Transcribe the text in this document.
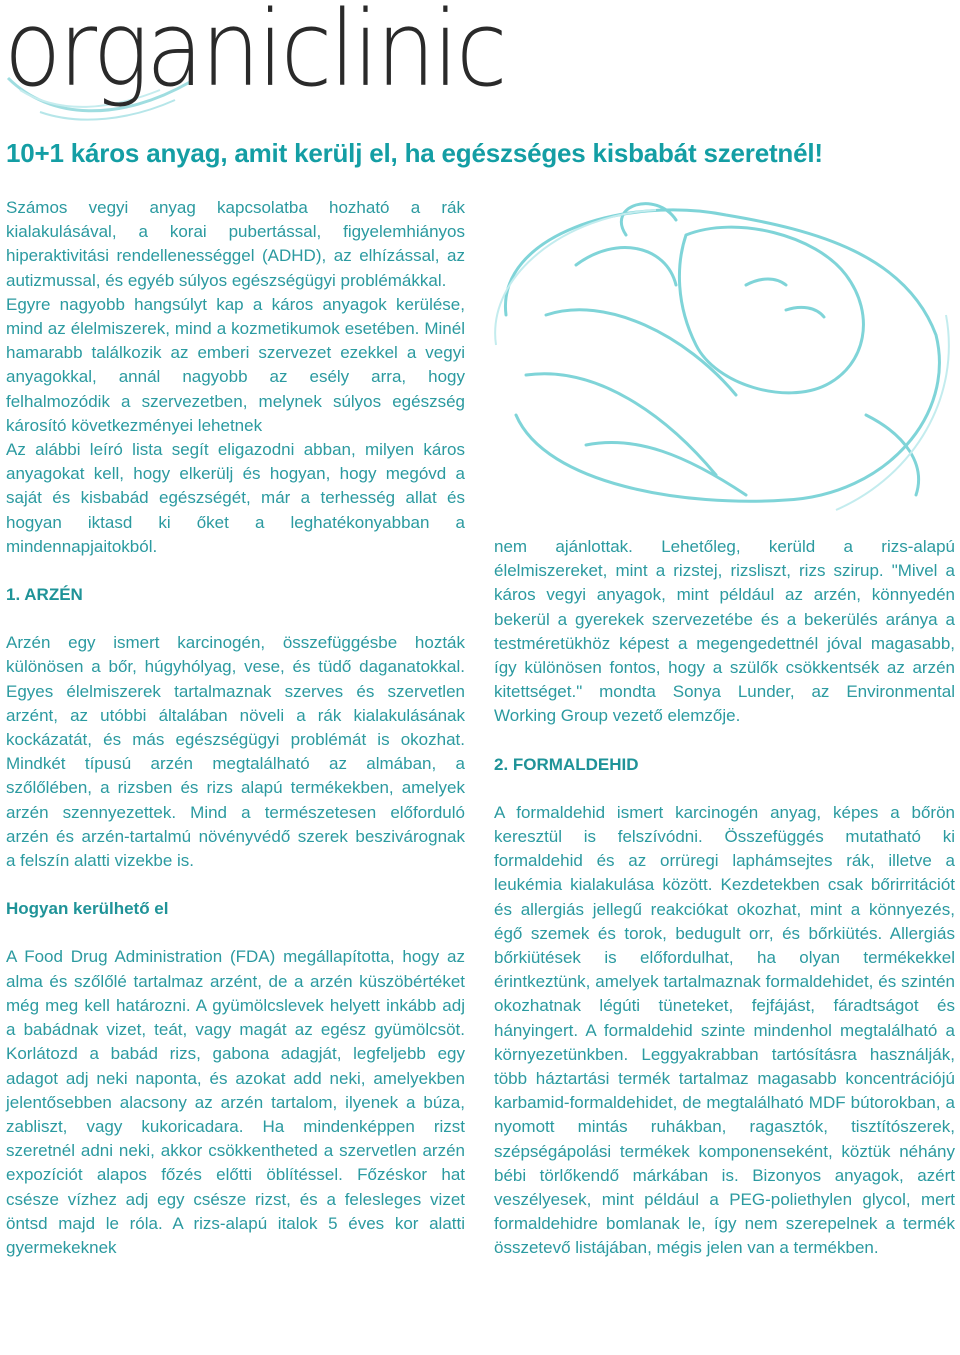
organiclinic
10+1 káros anyag, amit kerülj el, ha egészséges kisbabát szeretnél!

Számos vegyi anyag kapcsolatba hozható a rák kialakulásával, a korai pubertással, figyelemhiányos hiperaktivitási rendellenességgel (ADHD), az elhízással, az autizmussal, és egyéb súlyos egészségügyi problémákkal.

Egyre nagyobb hangsúlyt kap a káros anyagok kerülése, mind az élelmiszerek, mind a kozmetikumok esetében. Minél hamarabb találkozik az emberi szervezet ezekkel a vegyi anyagokkal, annál nagyobb az esély arra, hogy felhalmozódik a szervezetben, melynek súlyos egészség károsító következményei lehetnek

Az alábbi leíró lista segít eligazodni abban, milyen káros anyagokat kell, hogy elkerülj és hogyan, hogy megóvd a saját és kisbabád egészségét, már a terhesség allat és hogyan iktasd ki őket a leghatékonyabban a mindennapjaitokból.

1. ARZÉN

Arzén egy ismert karcinogén, összefüggésbe hozták különösen a bőr, húgyhólyag, vese, és tüdő daganatokkal. Egyes élelmiszerek tartalmaznak szerves és szervetlen arzént, az utóbbi általában növeli a rák kialakulásának kockázatát, és más egészségügyi problémát is okozhat. Mindkét típusú arzén megtalálható az almában, a szőlőlében, a rizsben és rizs alapú termékekben, amelyek arzén szennyezettek. Mind a természetesen előforduló arzén és arzén-tartalmú növényvédő szerek beszivárognak a felszín alatti vizekbe is.

Hogyan kerülhető el

A Food Drug Administration (FDA) megállapította, hogy az alma és szőlőlé tartalmaz arzént, de a arzén küszöbértéket még meg kell határozni. A gyümölcslevek helyett inkább adj a babádnak vizet, teát, vagy magát az egész gyümölcsöt. Korlátozd a babád rizs, gabona adagját, legfeljebb egy adagot adj neki naponta, és azokat add neki, amelyekben jelentősebben alacsony az arzén tartalom, ilyenek a búza, zabliszt, vagy kukoricadara. Ha mindenképpen rizst szeretnél adni neki, akkor csökkentheted a szervetlen arzén expozíciót alapos főzés előtti öblítéssel. Főzéskor hat csésze vízhez adj egy csésze rizst, és a felesleges vizet öntsd majd le róla. A rizs-alapú italok 5 éves kor alatti gyermekeknek

nem ajánlottak. Lehetőleg, kerüld a rizs-alapú élelmiszereket, mint a rizstej, rizsliszt, rizs szirup. "Mivel a káros vegyi anyagok, mint például az arzén, könnyedén bekerül a gyerekek szervezetébe és a bekerülés aránya a testméretükhöz képest a megengedettnél jóval magasabb, így különösen fontos, hogy a szülők csökkentsék az arzén kitettséget." mondta Sonya Lunder, az Environmental Working Group vezető elemzője.

2. FORMALDEHID

A formaldehid ismert karcinogén anyag, képes a bőrön keresztül is felszívódni. Összefüggés mutatható ki formaldehid és az orrüregi laphámsejtes rák, illetve a leukémia kialakulása között. Kezdetekben csak bőrirritációt és allergiás jellegű reakciókat okozhat, mint a könnyezés, égő szemek és torok, bedugult orr, és bőrkiütés. Allergiás bőrkiütések is előfordulhat, ha olyan termékekkel érintkeztünk, amelyek tartalmaznak formaldehidet, és szintén okozhatnak légúti tüneteket, fejfájást, fáradtságot és hányingert. A formaldehid szinte mindenhol megtalálható a környezetünkben. Leggyakrabban tartósításra használják, több háztartási termék tartalmaz magasabb koncentrációjú karbamid-formaldehidet, de megtalálható MDF bútorokban, a nyomott mintás ruhákban, ragasztók, tisztítószerek, szépségápolási termékek komponenseként, köztük néhány bébi törlőkendő márkában is. Bizonyos anyagok, azért veszélyesek, mint például a PEG-poliethylen glycol, mert formaldehidre bomlanak le, így nem szerepelnek a termék összetevő listájában, mégis jelen van a termékben.
